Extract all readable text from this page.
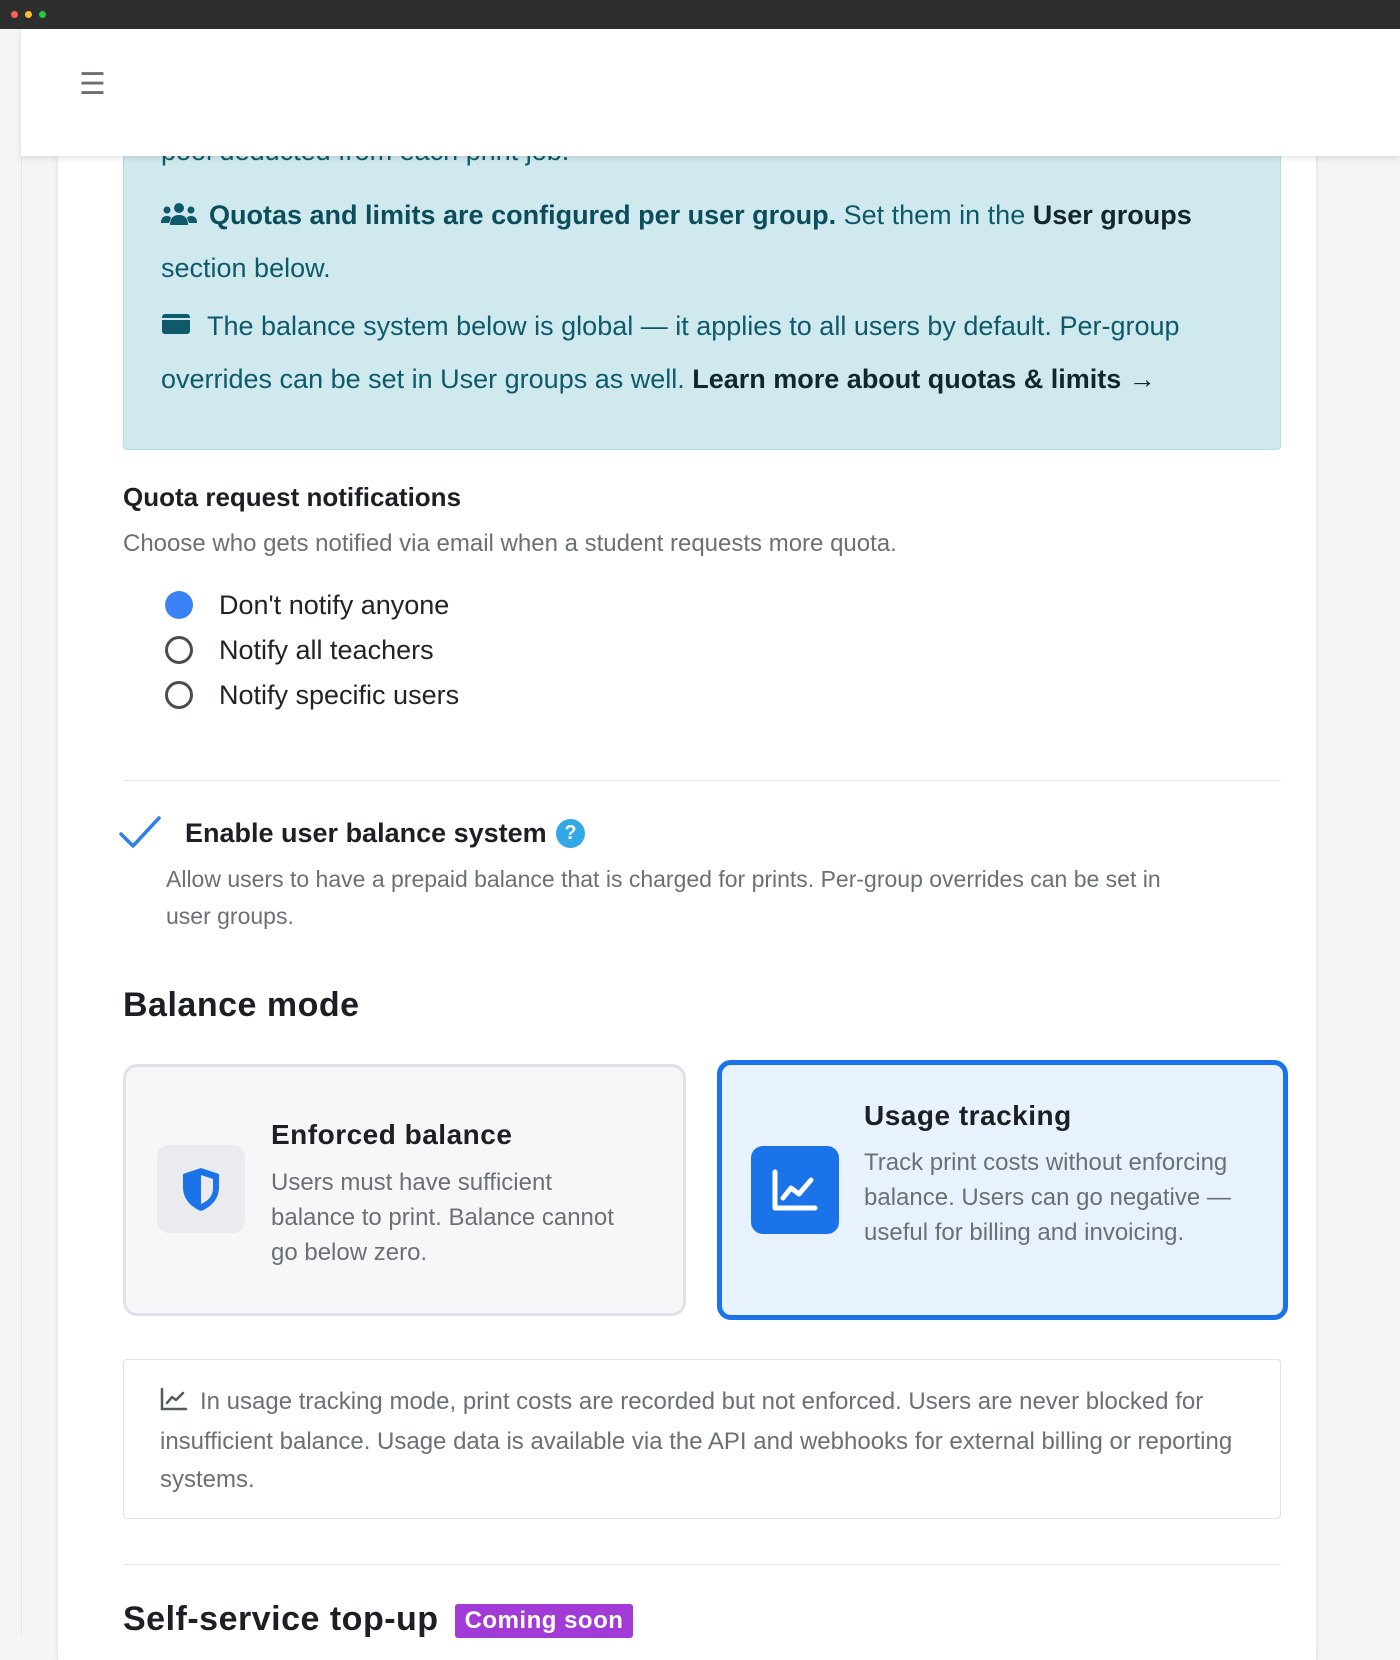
☰
Quotas and limits are configured per user group. Set them in the User groups
section below.
The balance system below is global — it applies to all users by default. Per-group
overrides can be set in User groups as well. Learn more about quotas & limits →
Quota request notifications
Choose who gets notified via email when a student requests more quota.
Don't notify anyone
Notify all teachers
Notify specific users
Enable user balance system ?
Allow users to have a prepaid balance that is charged for prints. Per-group overrides can be set in
user groups.
Balance mode
Enforced balance
Users must have sufficient balance to print. Balance cannot go below zero.
Usage tracking
Track print costs without enforcing balance. Users can go negative — useful for billing and invoicing.
In usage tracking mode, print costs are recorded but not enforced. Users are never blocked for insufficient balance. Usage data is available via the API and webhooks for external billing or reporting systems.
Self-service top-up Coming soon
